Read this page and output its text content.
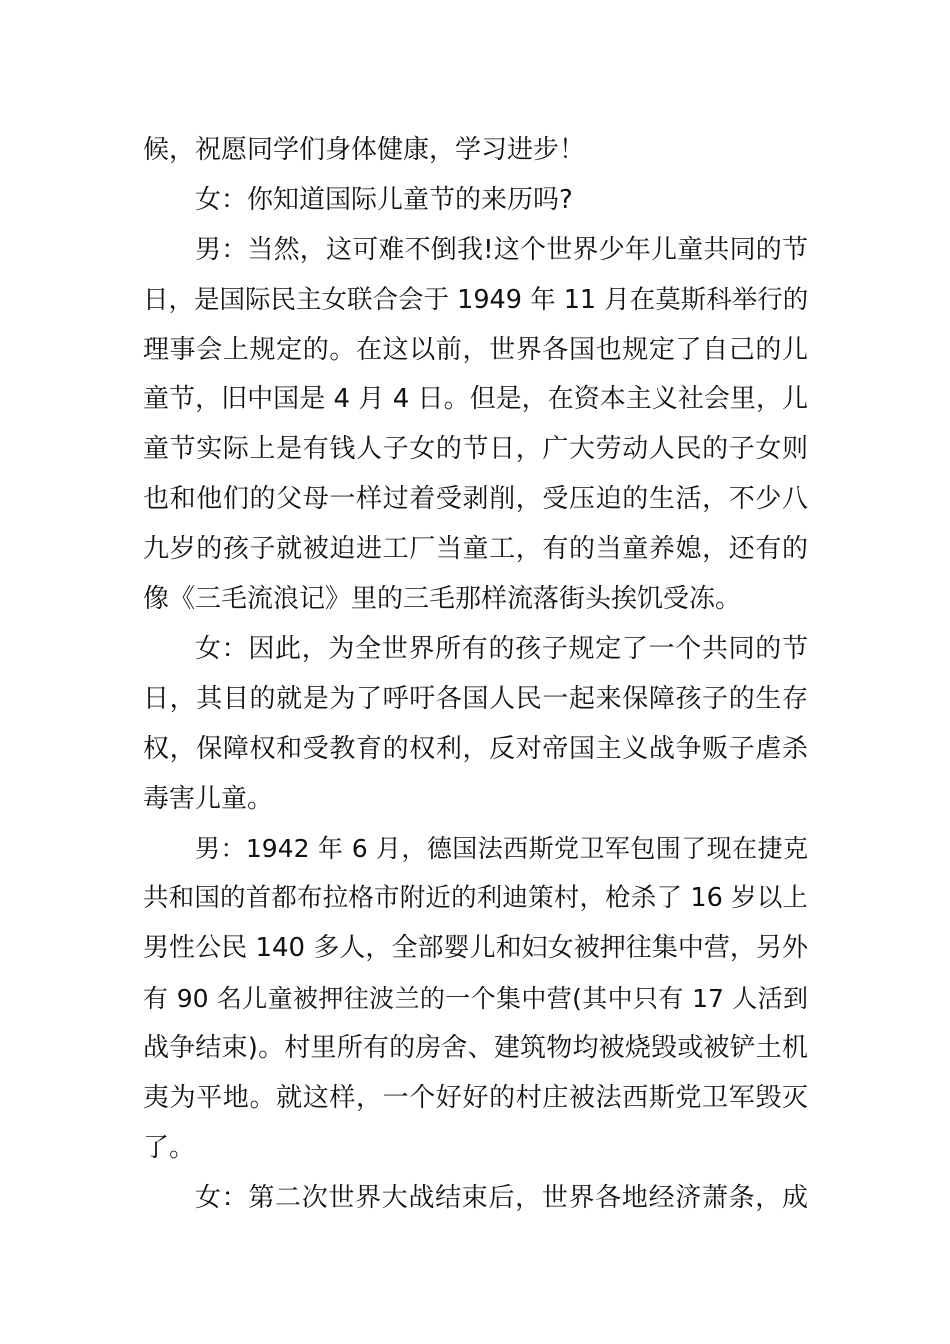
候，祝愿同学们身体健康，学习进步！
女：你知道国际儿童节的来历吗?
男：当然，这可难不倒我!这个世界少年儿童共同的节
日，是国际民主女联合会于 1949 年 11 月在莫斯科举行的
理事会上规定的。在这以前，世界各国也规定了自己的儿
童节，旧中国是 4 月 4 日。但是，在资本主义社会里，儿
童节实际上是有钱人子女的节日，广大劳动人民的子女则
也和他们的父母一样过着受剥削，受压迫的生活，不少八
九岁的孩子就被迫进工厂当童工，有的当童养媳，还有的
像《三毛流浪记》里的三毛那样流落街头挨饥受冻。
女：因此，为全世界所有的孩子规定了一个共同的节
日，其目的就是为了呼吁各国人民一起来保障孩子的生存
权，保障权和受教育的权利，反对帝国主义战争贩子虐杀
毒害儿童。
男：1942 年 6 月，德国法西斯党卫军包围了现在捷克
共和国的首都布拉格市附近的利迪策村，枪杀了 16 岁以上
男性公民 140 多人，全部婴儿和妇女被押往集中营，另外
有 90 名儿童被押往波兰的一个集中营(其中只有 17 人活到
战争结束)。村里所有的房舍、建筑物均被烧毁或被铲土机
夷为平地。就这样，一个好好的村庄被法西斯党卫军毁灭
了。
女：第二次世界大战结束后，世界各地经济萧条，成
